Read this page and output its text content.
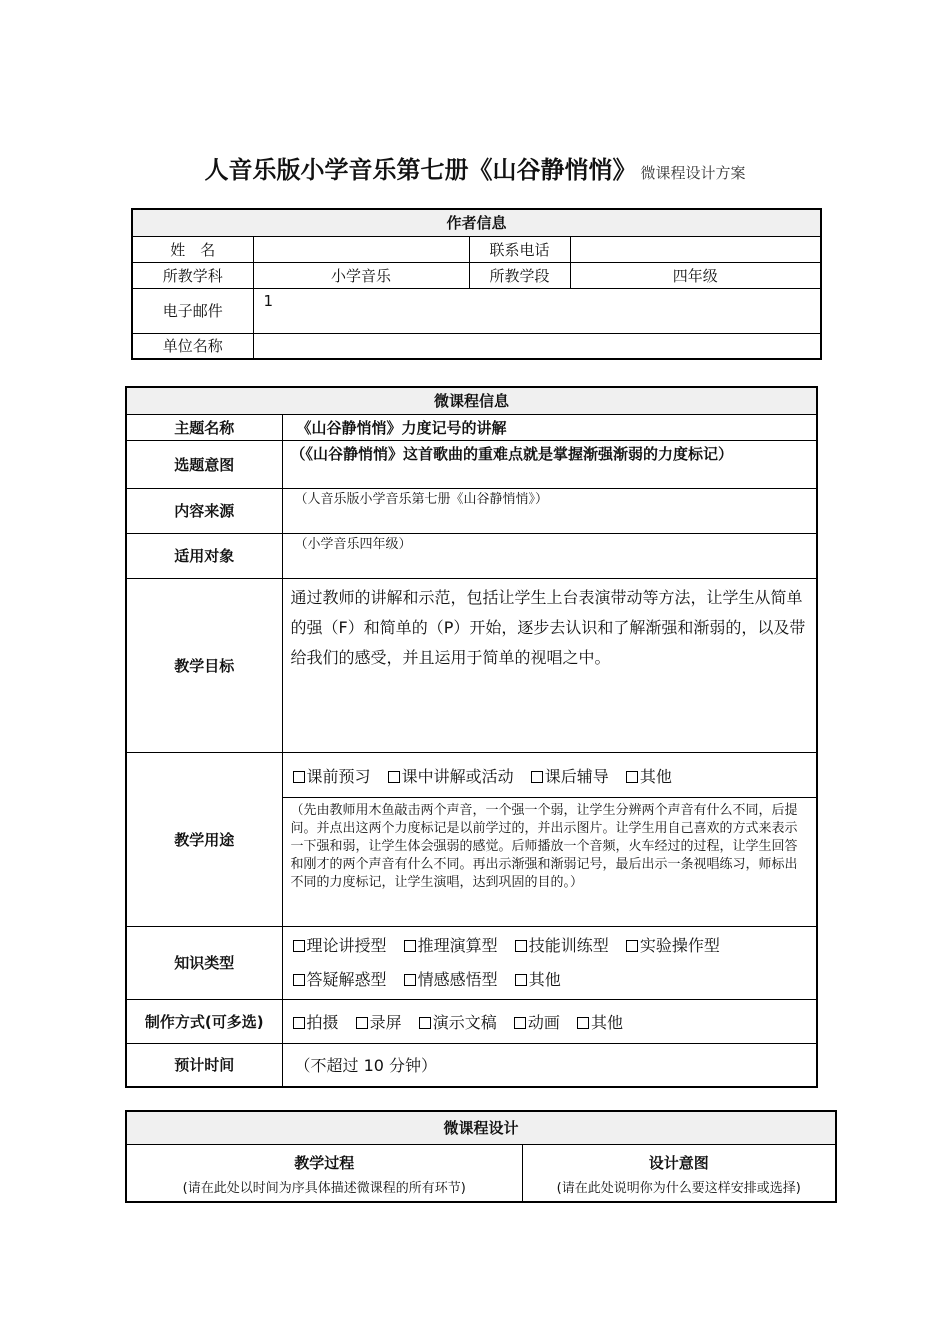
人音乐版小学音乐第七册《山谷静悄悄》 微课程设计方案
作者信息			
姓　名		联系电话	
所教学科	小学音乐	所教学段	四年级
电子邮件	1		
单位名称			
微课程信息	
主题名称	《山谷静悄悄》力度记号的讲解
选题意图	（《山谷静悄悄》这首歌曲的重难点就是掌握渐强渐弱的力度标记）
内容来源	（人音乐版小学音乐第七册《山谷静悄悄》）
适用对象	（小学音乐四年级）
教学目标	通过教师的讲解和示范，包括让学生上台表演带动等方法，让学生从简单的强（F）和简单的（P）开始，逐步去认识和了解渐强和渐弱的，以及带给我们的感受，并且运用于简单的视唱之中。
教学用途	课前预习 课中讲解或活动 课后辅导 其他
（先由教师用木鱼敲击两个声音，一个强一个弱，让学生分辨两个声音有什么不同，后提问。并点出这两个力度标记是以前学过的，并出示图片。让学生用自己喜欢的方式来表示一下强和弱，让学生体会强弱的感觉。后师播放一个音频，火车经过的过程，让学生回答和刚才的两个声音有什么不同。再出示渐强和渐弱记号，最后出示一条视唱练习，师标出不同的力度标记，让学生演唱，达到巩固的目的。）

知识类型	理论讲授型 推理演算型 技能训练型 实验操作型
答疑解惑型 情感感悟型 其他

制作方式(可多选)	拍摄 录屏 演示文稿 动画 其他
预计时间	（不超过 10 分钟）
微课程设计

教学过程
(请在此处以时间为序具体描述微课程的所有环节)

设计意图
(请在此处说明你为什么要这样安排或选择)
